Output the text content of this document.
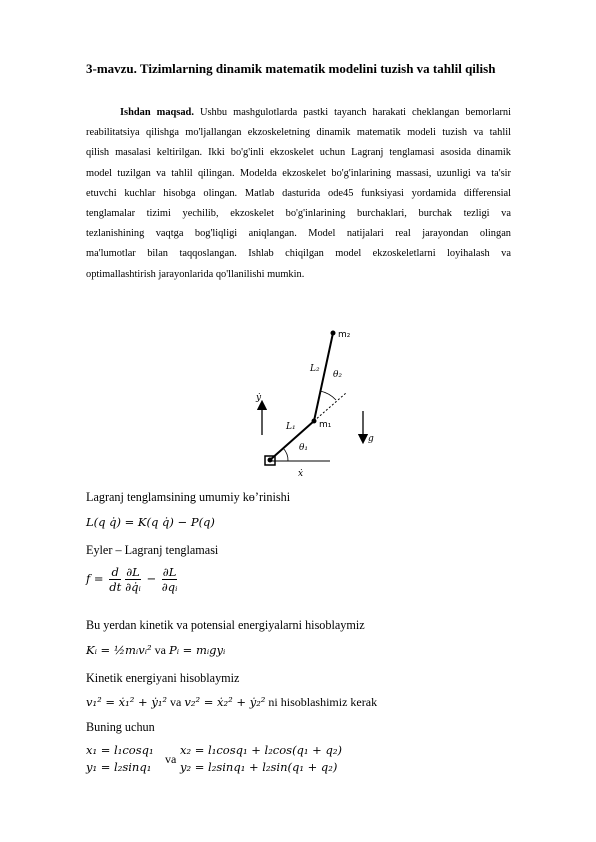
3-mavzu. Tizimlarning dinamik matematik modelini tuzish va tahlil qilish
Ishdan maqsad. Ushbu mashgulotlarda pastki tayanch harakati cheklangan bemorlarni
reabilitatsiya qilishga mo'ljallangan ekzoskeletning dinamik matematik modeli tuzish va tahlil
qilish masalasi keltirilgan. Ikki bo'g'inli ekzoskelet uchun Lagranj tenglamasi asosida dinamik
model tuzilgan va tahlil qilingan. Modelda ekzoskelet bo'g'inlarining massasi, uzunligi va ta'sir
etuvchi kuchlar hisobga olingan. Matlab dasturida ode45 funksiyasi yordamida differensial
tenglamalar tizimi yechilib, ekzoskelet bo'g'inlarining burchaklari, burchak tezligi va
tezlanishining vaqtga bog'liqligi aniqlangan. Model natijalari real jarayondan olingan
ma'lumotlar bilan taqqoslangan. Ishlab chiqilgan model ekzoskeletlarni loyihalash va
optimallashtirish jarayonlarida qo'llanilishi mumkin.
m₂
L₂
θ₂
ẏ
L₁	m₁
θ₁
g
ẋ
Lagranj tenglamsining umumiy kө’rinishi
L(q q̇) = K(q q̇) − P(q)
Eyler – Lagranj tenglamasi
$f = \frac{d}{dt} \frac{\partial L}{\text{∂q̇ᵢ}} - \frac{\partial L}{\text{∂qᵢ}}$
Bu yerdan kinetik va potensial energiyalarni hisoblaymiz
Kᵢ = ½mᵢvᵢ² va Pᵢ = mᵢgyᵢ
Kinetik energiyani hisoblaymiz
v₁² = ẋ₁² + ẏ₁² va v₂² = ẋ₂² + ẏ₂² ni hisoblashimiz kerak
Buning uchun
x₁ = l₁cosq₁
y₁ = l₂sinq₁
va
x₂ = l₁cosq₁ + l₂cos(q₁ + q₂)
y₂ = l₂sinq₁ + l₂sin(q₁ + q₂)
